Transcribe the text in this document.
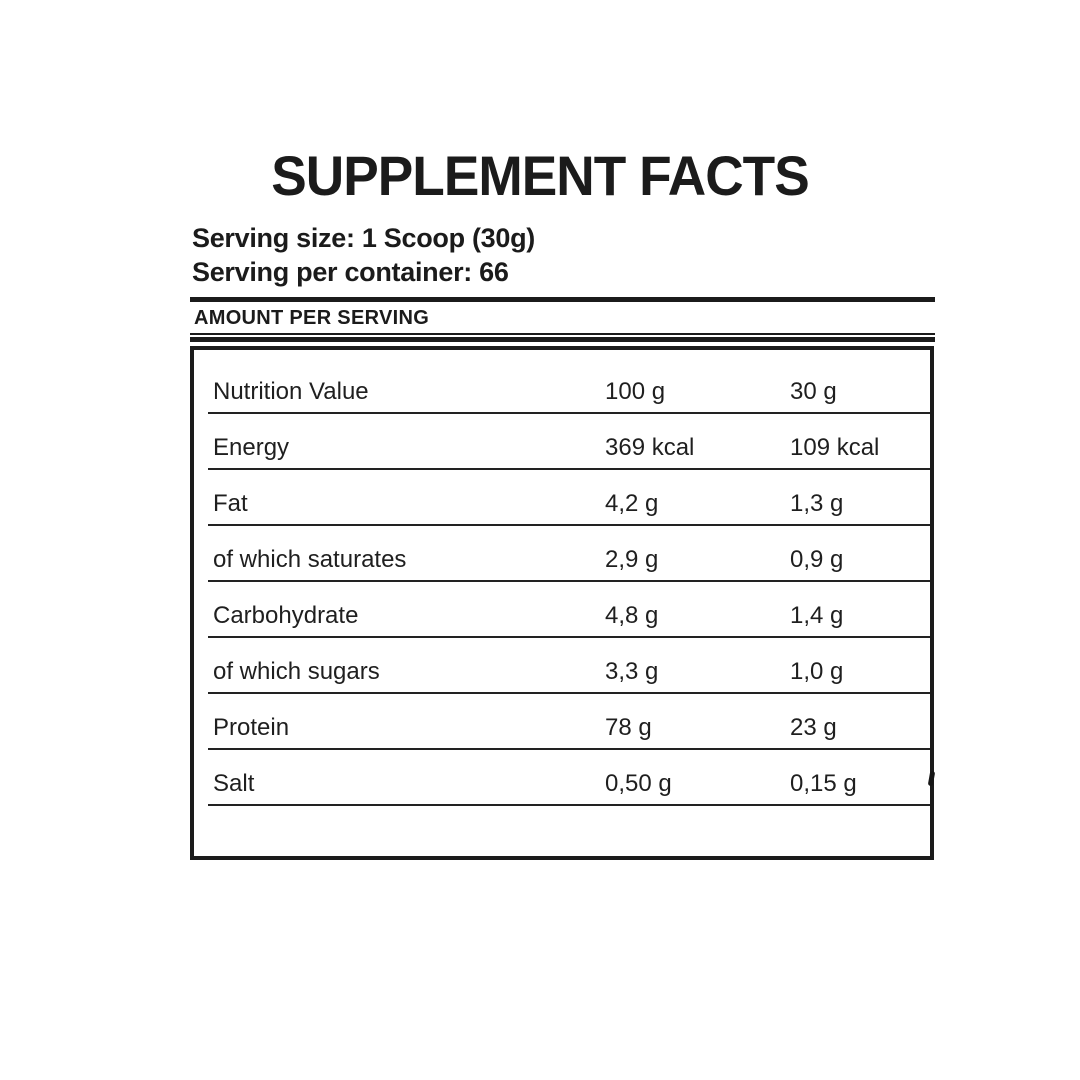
SUPPLEMENT FACTS
Serving size: 1 Scoop (30g)
Serving per container: 66
AMOUNT PER SERVING
Nutrition Value	100 g	30 g
Energy	369 kcal	109 kcal
Fat	4,2 g	1,3 g
of which saturates	2,9 g	0,9 g
Carbohydrate	4,8 g	1,4 g
of which sugars	3,3 g	1,0 g
Protein	78 g	23 g
Salt	0,50 g	0,15 g
